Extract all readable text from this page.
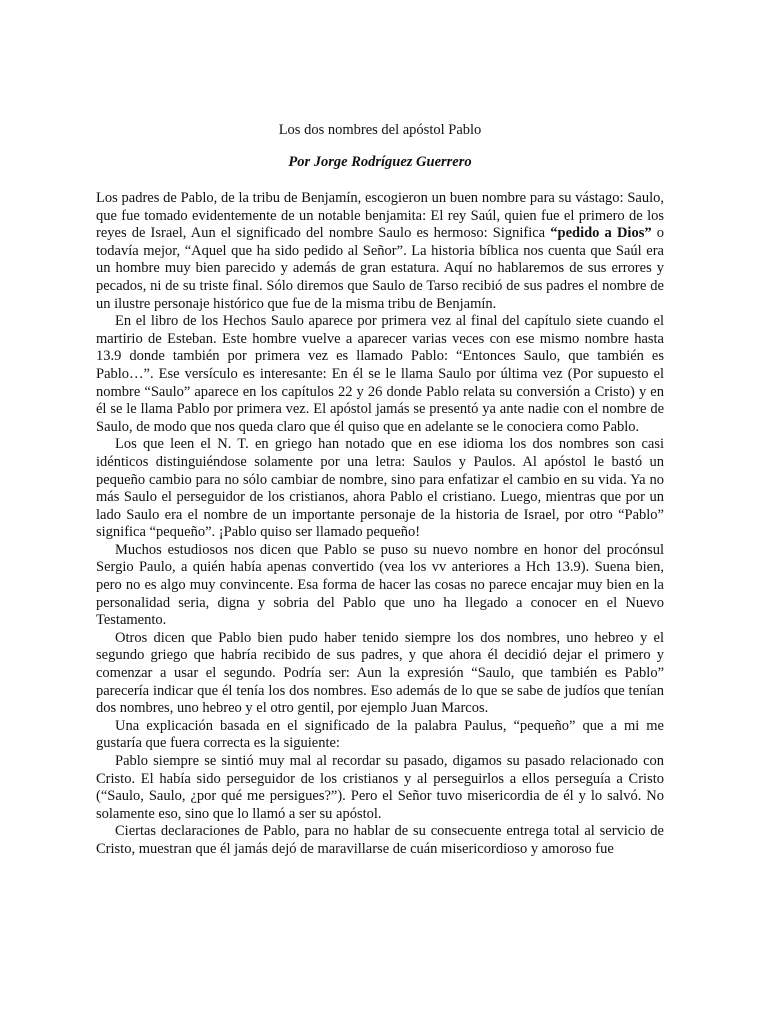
Los dos nombres del apóstol Pablo
Por Jorge Rodríguez Guerrero

Los padres de Pablo, de la tribu de Benjamín, escogieron un buen nombre para su vástago: Saulo, que fue tomado evidentemente de un notable benjamita: El rey Saúl, quien fue el primero de los reyes de Israel, Aun el significado del nombre Saulo es hermoso: Significa “pedido a Dios” o todavía mejor, “Aquel que ha sido pedido al Señor”. La historia bíblica nos cuenta que Saúl era un hombre muy bien parecido y además de gran estatura. Aquí no hablaremos de sus errores y pecados, ni de su triste final. Sólo diremos que Saulo de Tarso recibió de sus padres el nombre de un ilustre personaje histórico que fue de la misma tribu de Benjamín.

En el libro de los Hechos Saulo aparece por primera vez al final del capítulo siete cuando el martirio de Esteban. Este hombre vuelve a aparecer varias veces con ese mismo nombre hasta 13.9 donde también por primera vez es llamado Pablo: “Entonces Saulo, que también es Pablo…”. Ese versículo es interesante: En él se le llama Saulo por última vez (Por supuesto el nombre “Saulo” aparece en los capítulos 22 y 26 donde Pablo relata su conversión a Cristo) y en él se le llama Pablo por primera vez. El apóstol jamás se presentó ya ante nadie con el nombre de Saulo, de modo que nos queda claro que él quiso que en adelante se le conociera como Pablo.

Los que leen el N. T. en griego han notado que en ese idioma los dos nombres son casi idénticos distinguiéndose solamente por una letra: Saulos y Paulos. Al apóstol le bastó un pequeño cambio para no sólo cambiar de nombre, sino para enfatizar el cambio en su vida. Ya no más Saulo el perseguidor de los cristianos, ahora Pablo el cristiano. Luego, mientras que por un lado Saulo era el nombre de un importante personaje de la historia de Israel, por otro “Pablo” significa “pequeño”. ¡Pablo quiso ser llamado pequeño!

Muchos estudiosos nos dicen que Pablo se puso su nuevo nombre en honor del procónsul Sergio Paulo, a quién había apenas convertido (vea los vv anteriores a Hch 13.9). Suena bien, pero no es algo muy convincente. Esa forma de hacer las cosas no parece encajar muy bien en la personalidad seria, digna y sobria del Pablo que uno ha llegado a conocer en el Nuevo Testamento.

Otros dicen que Pablo bien pudo haber tenido siempre los dos nombres, uno hebreo y el segundo griego que habría recibido de sus padres, y que ahora él decidió dejar el primero y comenzar a usar el segundo. Podría ser: Aun la expresión “Saulo, que también es Pablo” parecería indicar que él tenía los dos nombres. Eso además de lo que se sabe de judíos que tenían dos nombres, uno hebreo y el otro gentil, por ejemplo Juan Marcos.

Una explicación basada en el significado de la palabra Paulus, “pequeño” que a mi me gustaría que fuera correcta es la siguiente:

Pablo siempre se sintió muy mal al recordar su pasado, digamos su pasado relacionado con Cristo. El había sido perseguidor de los cristianos y al perseguirlos a ellos perseguía a Cristo (“Saulo, Saulo, ¿por qué me persigues?”). Pero el Señor tuvo misericordia de él y lo salvó. No solamente eso, sino que lo llamó a ser su apóstol.

Ciertas declaraciones de Pablo, para no hablar de su consecuente entrega total al servicio de Cristo, muestran que él jamás dejó de maravillarse de cuán misericordioso y amoroso fue
